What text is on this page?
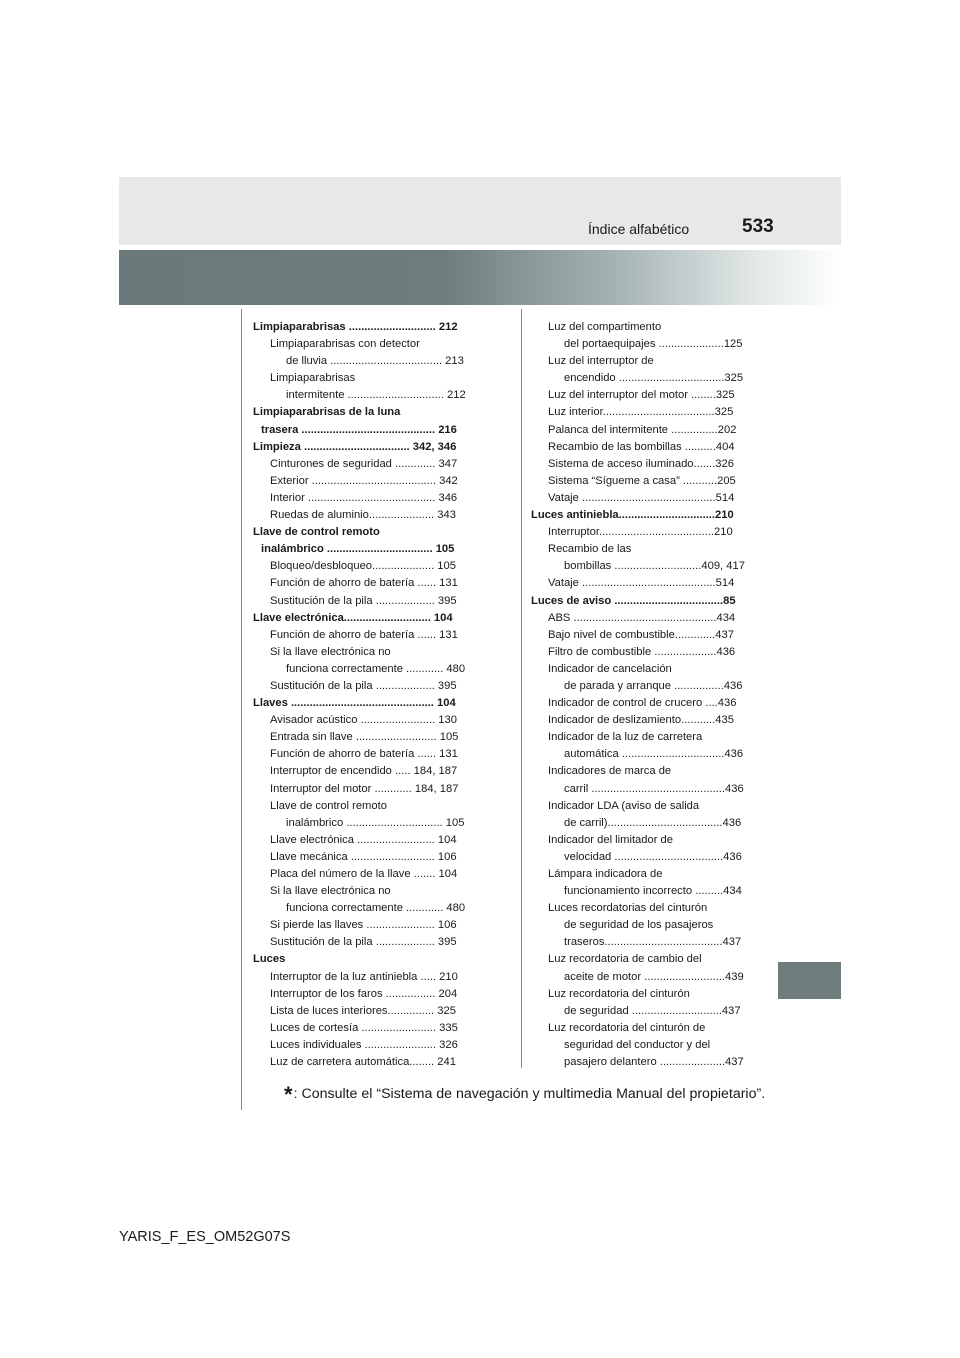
533
Índice alfabético
Limpiaparabrisas ............................ 212
Limpiaparabrisas con detector
de lluvia .................................... 213
Limpiaparabrisas
intermitente ............................... 212
Limpiaparabrisas de la luna
trasera ........................................... 216
Limpieza .................................. 342, 346
Cinturones de seguridad ............. 347
Exterior ........................................ 342
Interior ......................................... 346
Ruedas de aluminio..................... 343
Llave de control remoto
inalámbrico .................................. 105
Bloqueo/desbloqueo.................... 105
Función de ahorro de batería ...... 131
Sustitución de la pila ................... 395
Llave electrónica............................ 104
Función de ahorro de batería ...... 131
Si la llave electrónica no
funciona correctamente ............ 480
Sustitución de la pila ................... 395
Llaves .............................................. 104
Avisador acústico ........................ 130
Entrada sin llave .......................... 105
Función de ahorro de batería ...... 131
Interruptor de encendido ..... 184, 187
Interruptor del motor ............ 184, 187
Llave de control remoto
inalámbrico ............................... 105
Llave electrónica ......................... 104
Llave mecánica ........................... 106
Placa del número de la llave ....... 104
Si la llave electrónica no
funciona correctamente ............ 480
Si pierde las llaves ...................... 106
Sustitución de la pila ................... 395
Luces
Interruptor de la luz antiniebla ..... 210
Interruptor de los faros ................ 204
Lista de luces interiores............... 325
Luces de cortesía ........................ 335
Luces individuales ....................... 326
Luz de carretera automática........ 241
Luz del compartimento
del portaequipajes .....................125
Luz del interruptor de
encendido ..................................325
Luz del interruptor del motor ........325
Luz interior....................................325
Palanca del intermitente ...............202
Recambio de las bombillas ..........404
Sistema de acceso iluminado.......326
Sistema “Sígueme a casa” ...........205
Vataje ...........................................514
Luces antiniebla...............................210
Interruptor.....................................210
Recambio de las
bombillas ............................409, 417
Vataje ...........................................514
Luces de aviso ...................................85
ABS ..............................................434
Bajo nivel de combustible.............437
Filtro de combustible ....................436
Indicador de cancelación
de parada y arranque ................436
Indicador de control de crucero ....436
Indicador de deslizamiento...........435
Indicador de la luz de carretera
automática .................................436
Indicadores de marca de
carril ...........................................436
Indicador LDA (aviso de salida
de carril).....................................436
Indicador del limitador de
velocidad ...................................436
Lámpara indicadora de
funcionamiento incorrecto .........434
Luces recordatorias del cinturón
de seguridad de los pasajeros
traseros......................................437
Luz recordatoria de cambio del
aceite de motor ..........................439
Luz recordatoria del cinturón
de seguridad .............................437
Luz recordatoria del cinturón de
seguridad del conductor y del
pasajero delantero .....................437
*: Consulte el “Sistema de navegación y multimedia Manual del propietario”.
YARIS_F_ES_OM52G07S
